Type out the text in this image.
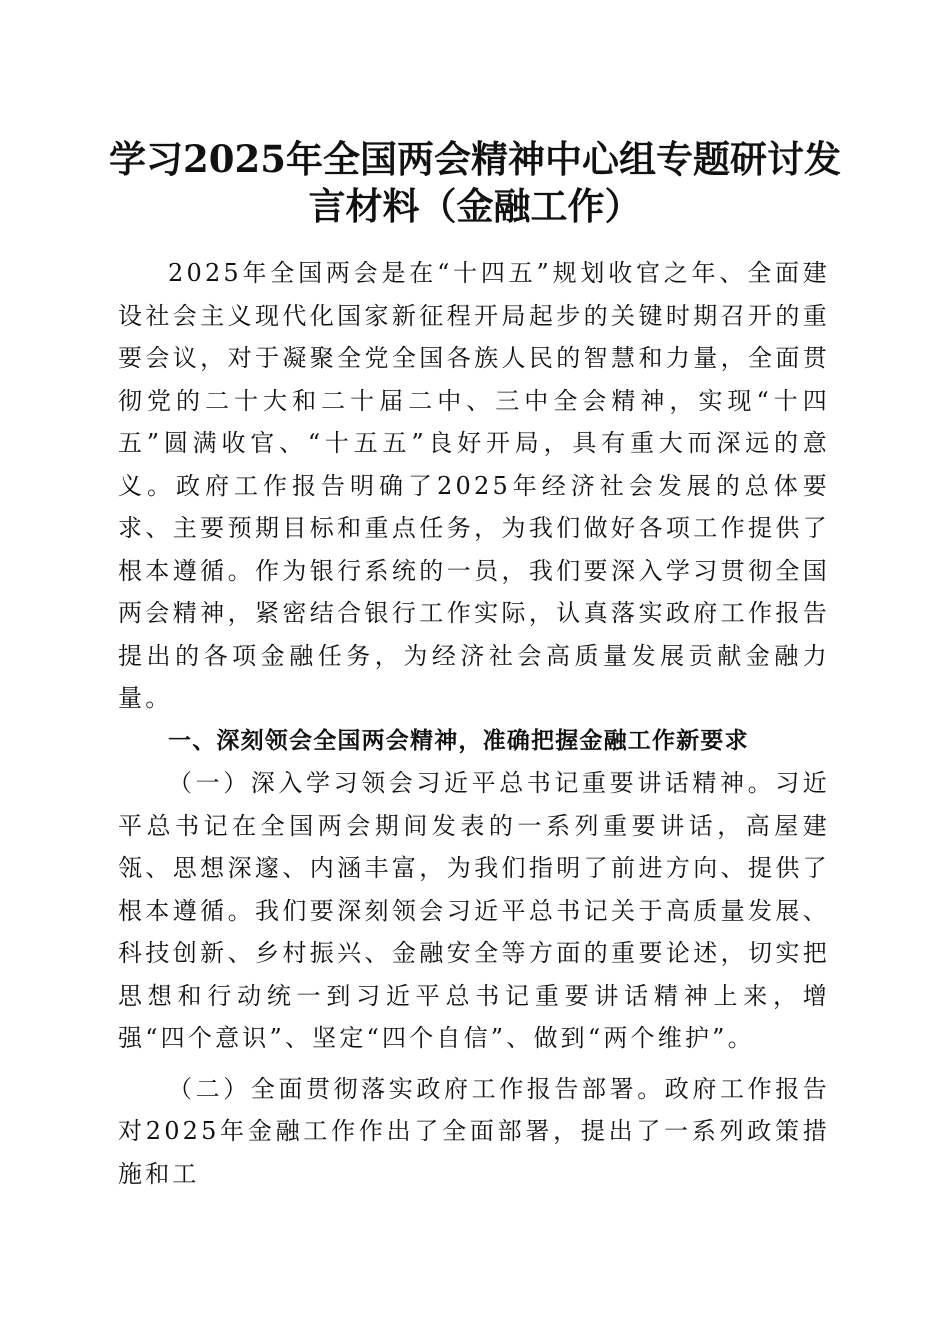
学习2025年全国两会精神中心组专题研讨发
言材料（金融工作）

2025年全国两会是在“十四五”规划收官之年、全面建设社会主义现代化国家新征程开局起步的关键时期召开的重要会议，对于凝聚全党全国各族人民的智慧和力量，全面贯彻党的二十大和二十届二中、三中全会精神，实现“十四五”圆满收官、“十五五”良好开局，具有重大而深远的意义。政府工作报告明确了2025年经济社会发展的总体要求、主要预期目标和重点任务，为我们做好各项工作提供了根本遵循。作为银行系统的一员，我们要深入学习贯彻全国两会精神，紧密结合银行工作实际，认真落实政府工作报告提出的各项金融任务，为经济社会高质量发展贡献金融力量。

一、深刻领会全国两会精神，准确把握金融工作新要求

（一）深入学习领会习近平总书记重要讲话精神。习近平总书记在全国两会期间发表的一系列重要讲话，高屋建瓴、思想深邃、内涵丰富，为我们指明了前进方向、提供了根本遵循。我们要深刻领会习近平总书记关于高质量发展、科技创新、乡村振兴、金融安全等方面的重要论述，切实把思想和行动统一到习近平总书记重要讲话精神上来，增强“四个意识”、坚定“四个自信”、做到“两个维护”。

（二）全面贯彻落实政府工作报告部署。政府工作报告对2025年金融工作作出了全面部署，提出了一系列政策措施和工
